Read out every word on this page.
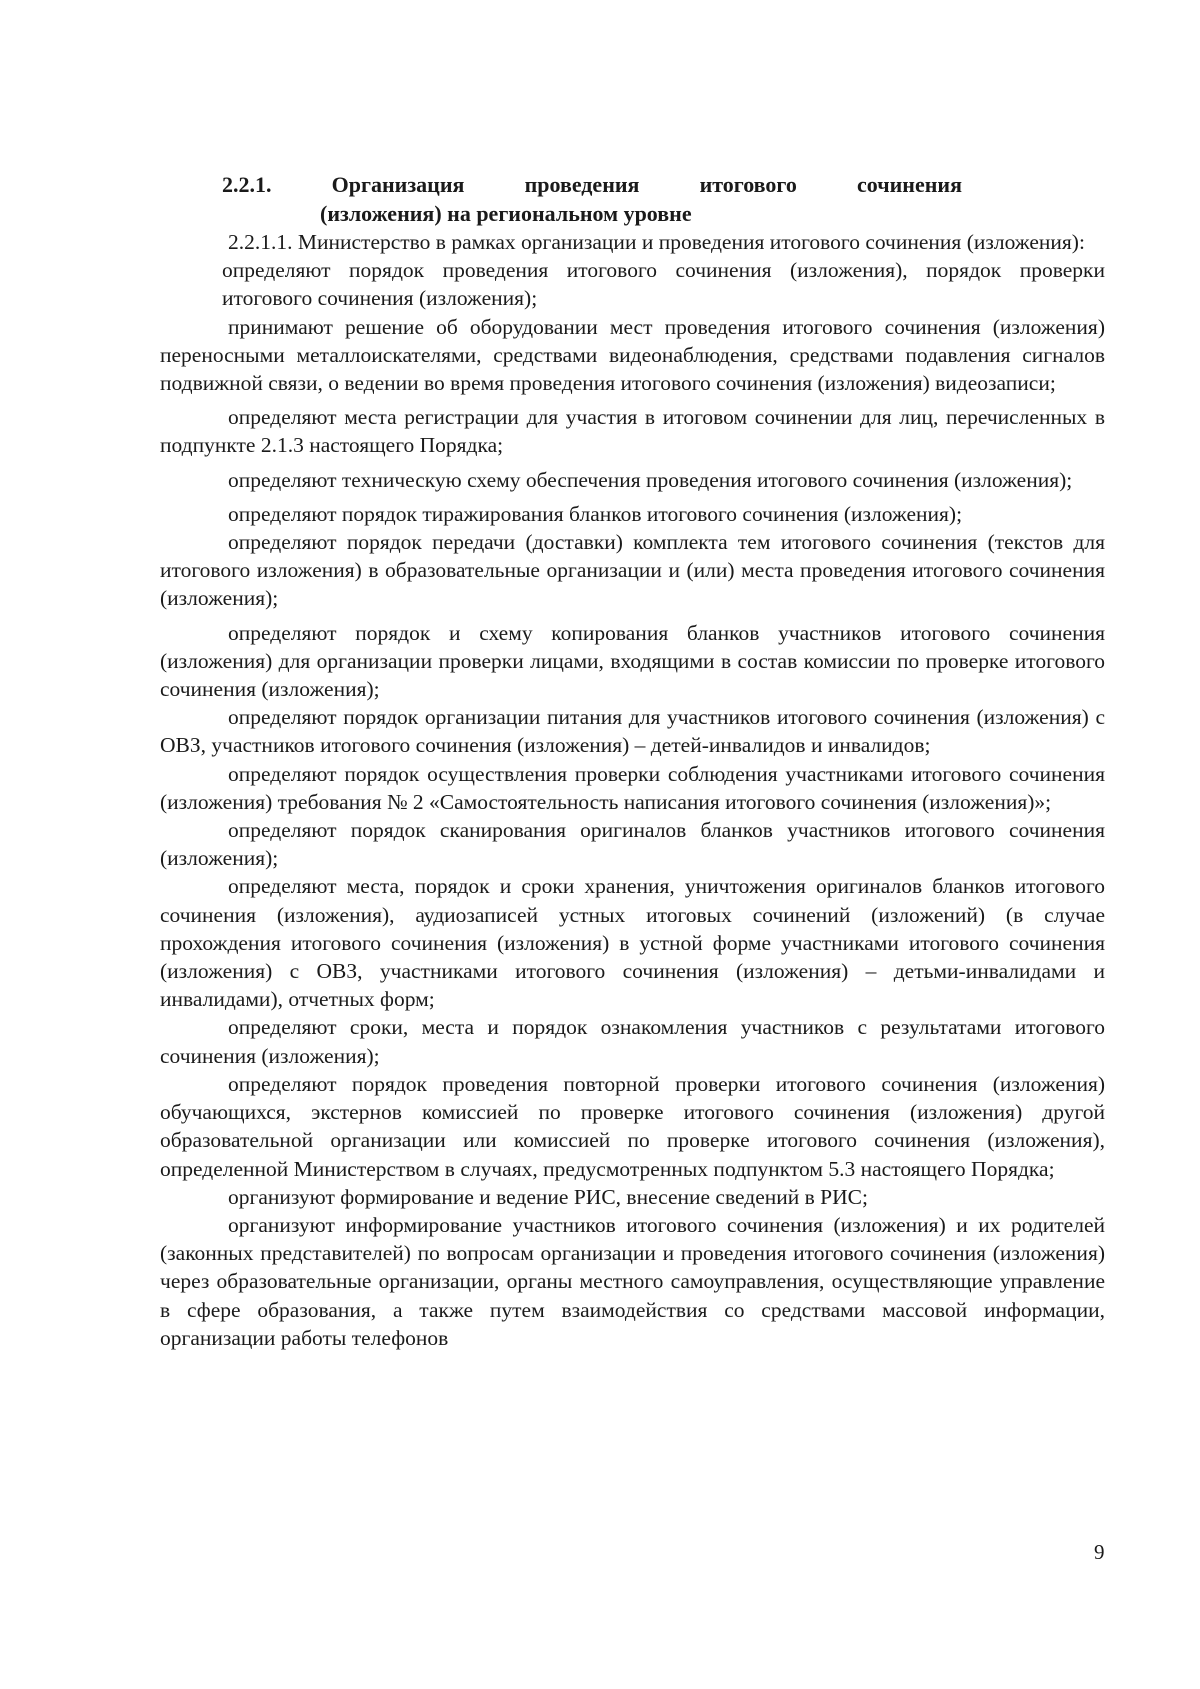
2.2.1.	Организация	проведения	итогового	сочинения
(изложения) на региональном уровне

2.2.1.1. Министерство в рамках организации и проведения итогового сочинения (изложения):

определяют порядок проведения итогового сочинения (изложения), порядок проверки итогового сочинения (изложения);

принимают решение об оборудовании мест проведения итогового сочинения (изложения) переносными металлоискателями, средствами видеонаблюдения, средствами подавления сигналов подвижной связи, о ведении во время проведения итогового сочинения (изложения) видеозаписи;

определяют места регистрации для участия в итоговом сочинении для лиц, перечисленных в подпункте 2.1.3 настоящего Порядка;

определяют техническую схему обеспечения проведения итогового сочинения (изложения);

определяют порядок тиражирования бланков итогового сочинения (изложения);

определяют порядок передачи (доставки) комплекта тем итогового сочинения (текстов для итогового изложения) в образовательные организации и (или) места проведения итогового сочинения (изложения);

определяют порядок и схему копирования бланков участников итогового сочинения (изложения) для организации проверки лицами, входящими в состав комиссии по проверке итогового сочинения (изложения);

определяют порядок организации питания для участников итогового сочинения (изложения) с ОВЗ, участников итогового сочинения (изложения) – детей-инвалидов и инвалидов;

определяют порядок осуществления проверки соблюдения участниками итогового сочинения (изложения) требования № 2 «Самостоятельность написания итогового сочинения (изложения)»;

определяют порядок сканирования оригиналов бланков участников итогового сочинения (изложения);

определяют места, порядок и сроки хранения, уничтожения оригиналов бланков итогового сочинения (изложения), аудиозаписей устных итоговых сочинений (изложений) (в случае прохождения итогового сочинения (изложения) в устной форме участниками итогового сочинения (изложения) с ОВЗ, участниками итогового сочинения (изложения) – детьми-инвалидами и инвалидами), отчетных форм;

определяют сроки, места и порядок ознакомления участников с результатами итогового сочинения (изложения);

определяют порядок проведения повторной проверки итогового сочинения (изложения) обучающихся, экстернов комиссией по проверке итогового сочинения (изложения) другой образовательной организации или комиссией по проверке итогового сочинения (изложения), определенной Министерством в случаях, предусмотренных подпунктом 5.3 настоящего Порядка;

организуют формирование и ведение РИС, внесение сведений в РИС;

организуют информирование участников итогового сочинения (изложения) и их родителей (законных представителей) по вопросам организации и проведения итогового сочинения (изложения) через образовательные организации, органы местного самоуправления, осуществляющие управление в сфере образования, а также путем взаимодействия со средствами массовой информации, организации работы телефонов

9
